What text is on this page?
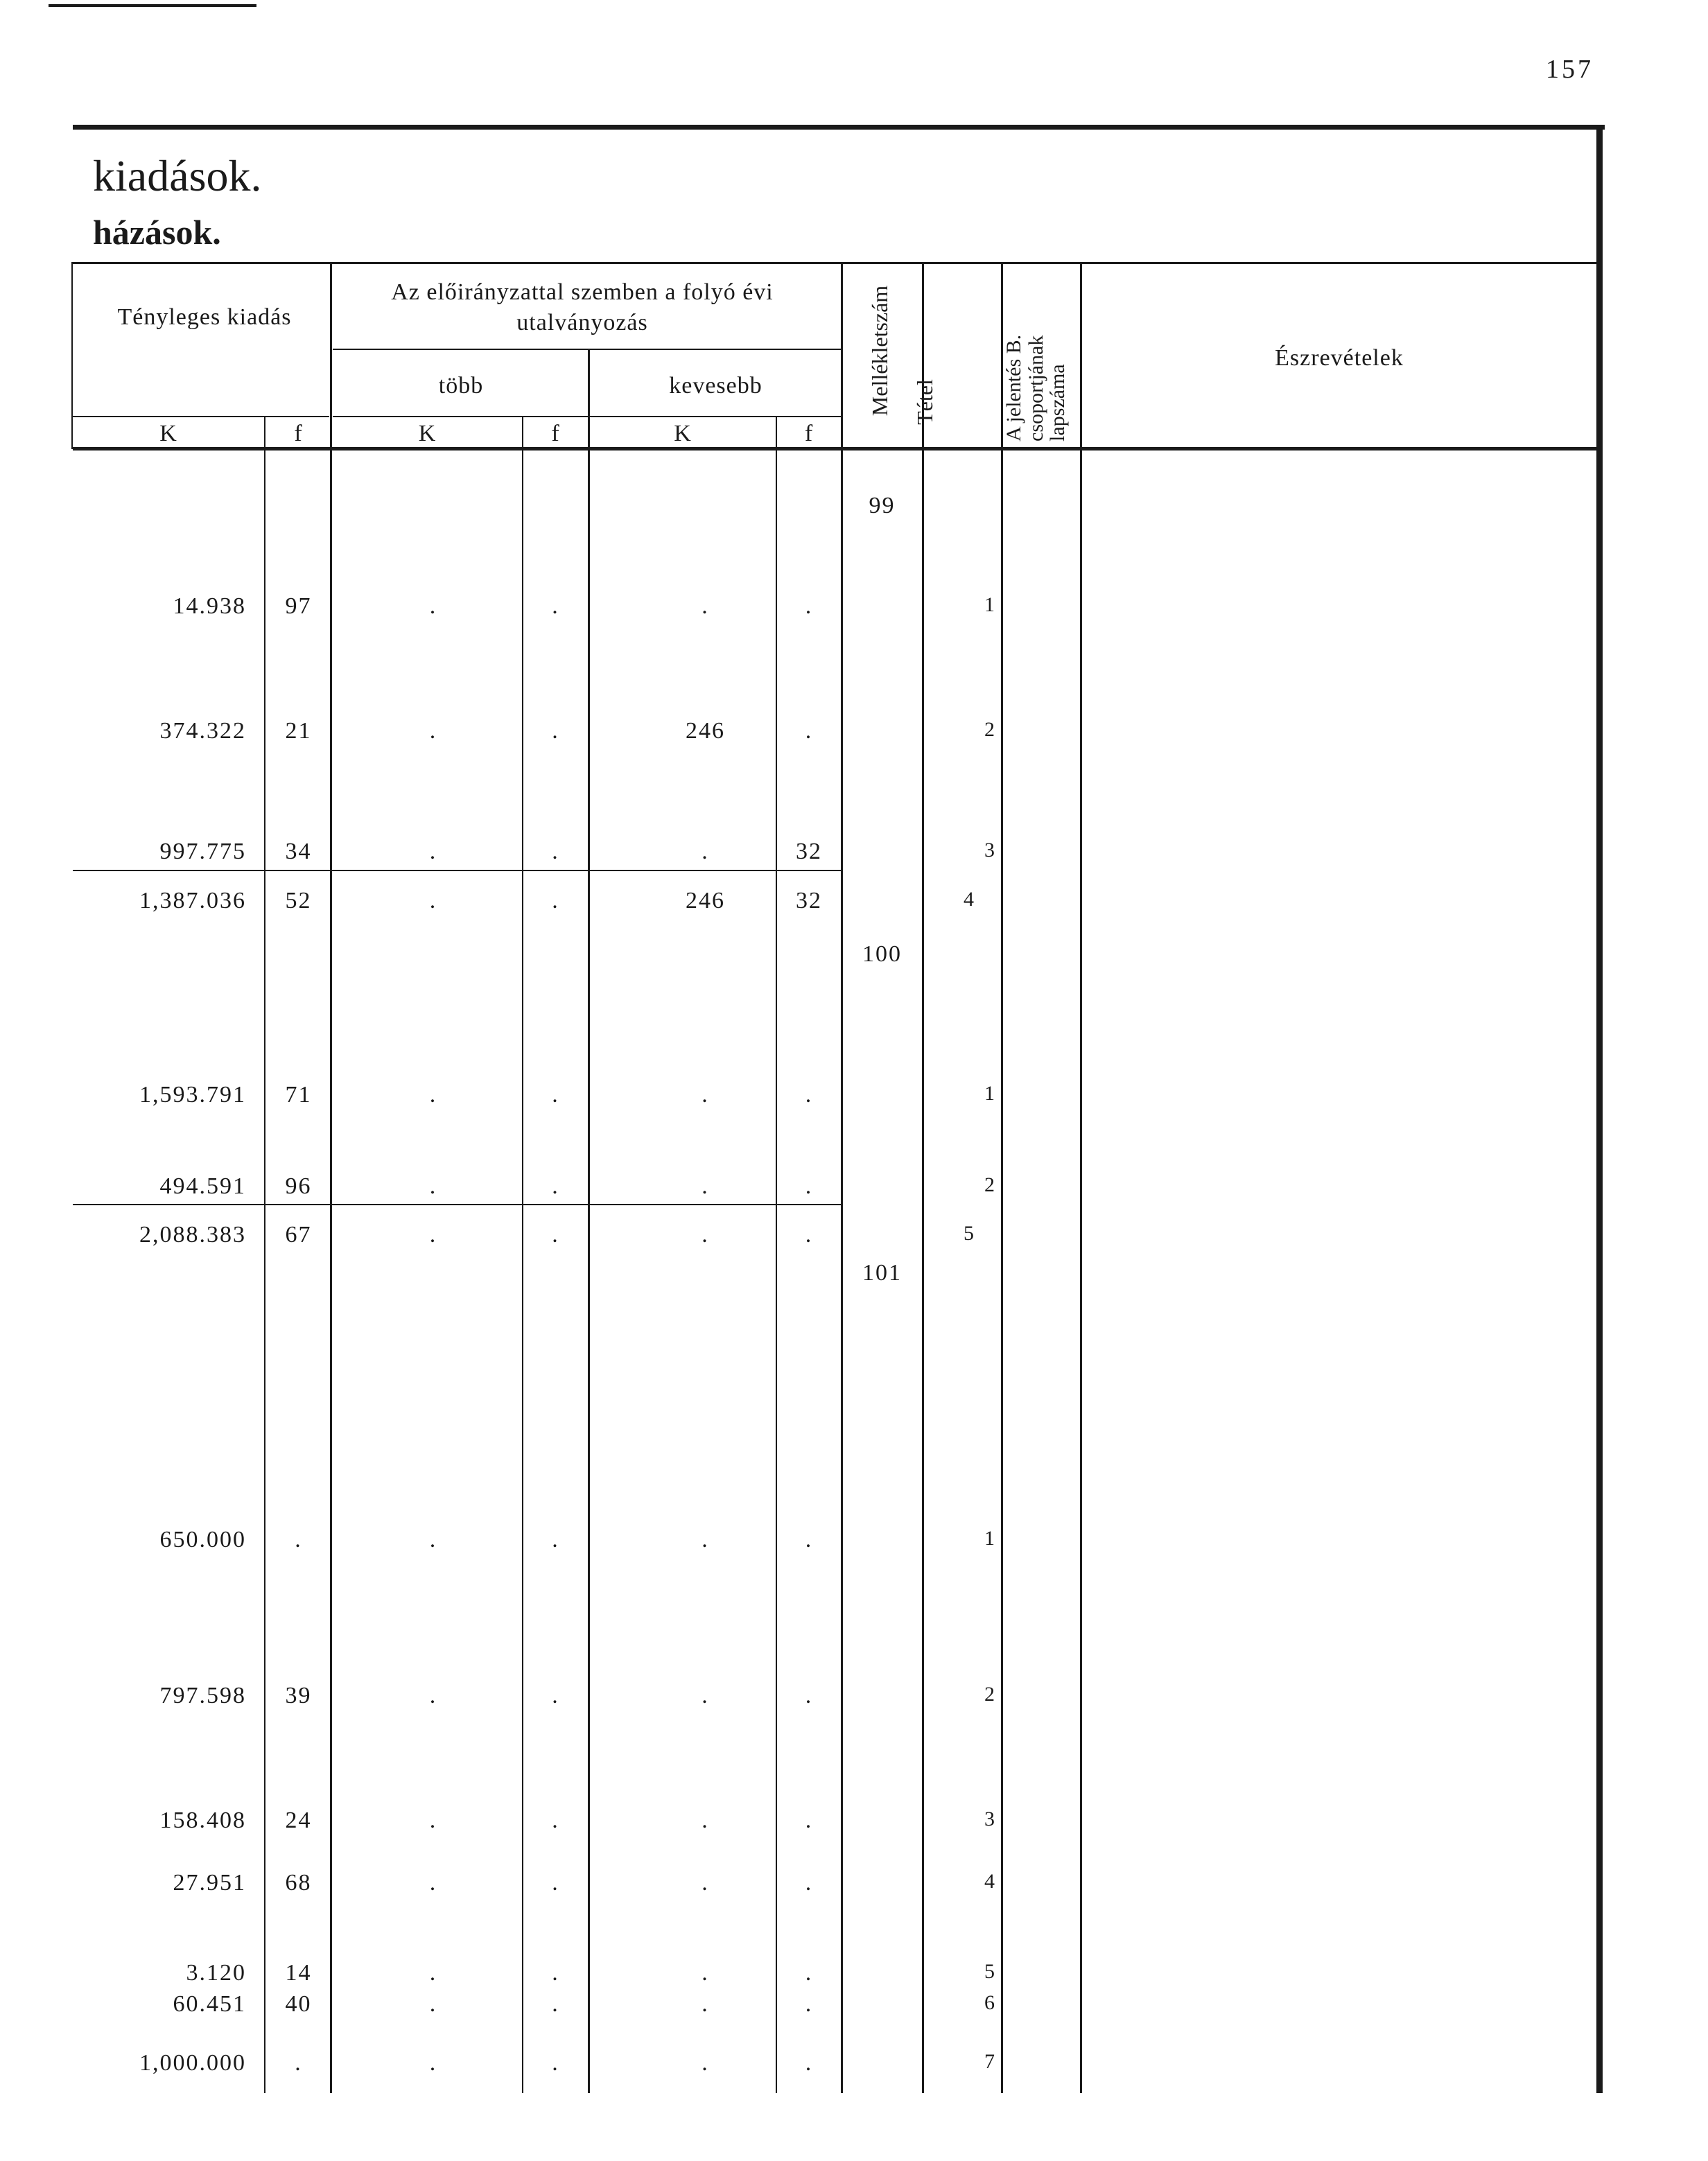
157
kiadások.
házások.
Tényleges kiadás
Az előirányzattal szemben a folyó évi utalványozás
több	kevesebb
K	f	K	f	K	f
Mellékletszám Tétel	A jelentés B. csoportjának lapszáma
Észrevételek
99
100
101
14.938	97	.	.	.	.	1
374.322	21	.	.	246	.	2
997.775	34	.	.	.	32	3
1,387.036	52	.	.	246	32	4
1,593.791	71	.	.	.	.	1
494.591	96	.	.	.	.	2
2,088.383	67	.	.	.	.	5
650.000	.	.	.	.	.	1
797.598	39	.	.	.	.	2
158.408	24	.	.	.	.	3
27.951	68	.	.	.	.	4
3.120	14	.	.	.	.	5
60.451	40	.	.	.	.	6
1,000.000	.	.	.	.	.	7
